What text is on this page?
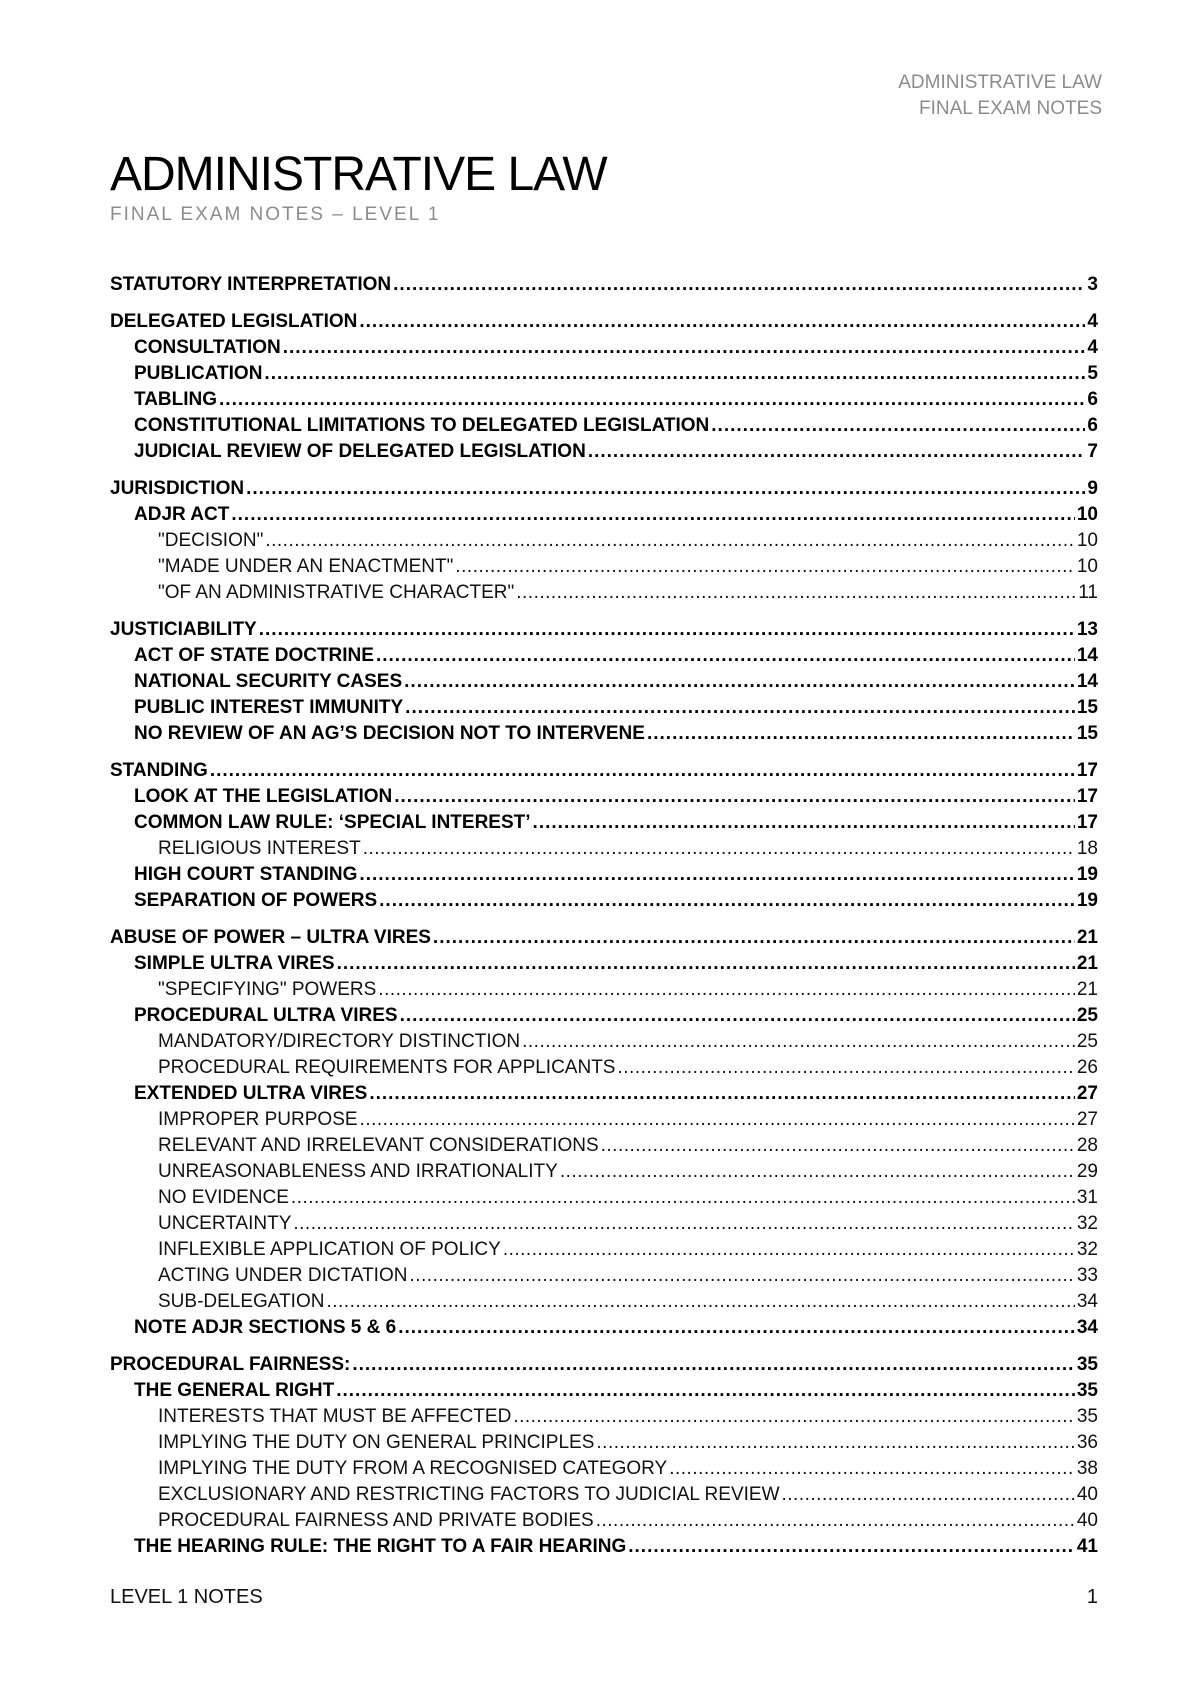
ADMINISTRATIVE LAW
FINAL EXAM NOTES
ADMINISTRATIVE LAW
FINAL EXAM NOTES – LEVEL 1
STATUTORY INTERPRETATION .....	3
DELEGATED LEGISLATION .....	4
CONSULTATION .....	4
PUBLICATION .....	5
TABLING .....	6
CONSTITUTIONAL LIMITATIONS TO DELEGATED LEGISLATION .....	6
JUDICIAL REVIEW OF DELEGATED LEGISLATION .....	7
JURISDICTION .....	9
ADJR ACT .....	10
"DECISION" .....	10
"MADE UNDER AN ENACTMENT" .....	10
"OF AN ADMINISTRATIVE CHARACTER" .....	11
JUSTICIABILITY .....	13
ACT OF STATE DOCTRINE .....	14
NATIONAL SECURITY CASES .....	14
PUBLIC INTEREST IMMUNITY .....	15
NO REVIEW OF AN AG’S DECISION NOT TO INTERVENE .....	15
STANDING .....	17
LOOK AT THE LEGISLATION .....	17
COMMON LAW RULE: ‘SPECIAL INTEREST’ .....	17
RELIGIOUS INTEREST .....	18
HIGH COURT STANDING .....	19
SEPARATION OF POWERS .....	19
ABUSE OF POWER – ULTRA VIRES .....	21
SIMPLE ULTRA VIRES .....	21
"SPECIFYING" POWERS .....	21
PROCEDURAL ULTRA VIRES .....	25
MANDATORY/DIRECTORY DISTINCTION .....	25
PROCEDURAL REQUIREMENTS FOR APPLICANTS .....	26
EXTENDED ULTRA VIRES .....	27
IMPROPER PURPOSE .....	27
RELEVANT AND IRRELEVANT CONSIDERATIONS .....	28
UNREASONABLENESS AND IRRATIONALITY .....	29
NO EVIDENCE .....	31
UNCERTAINTY .....	32
INFLEXIBLE APPLICATION OF POLICY .....	32
ACTING UNDER DICTATION .....	33
SUB-DELEGATION .....	34
NOTE ADJR SECTIONS 5 & 6 .....	34
PROCEDURAL FAIRNESS: .....	35
THE GENERAL RIGHT .....	35
INTERESTS THAT MUST BE AFFECTED .....	35
IMPLYING THE DUTY ON GENERAL PRINCIPLES .....	36
IMPLYING THE DUTY FROM A RECOGNISED CATEGORY .....	38
EXCLUSIONARY AND RESTRICTING FACTORS TO JUDICIAL REVIEW .....	40
PROCEDURAL FAIRNESS AND PRIVATE BODIES .....	40
THE HEARING RULE: THE RIGHT TO A FAIR HEARING .....	41
LEVEL 1 NOTES	1
